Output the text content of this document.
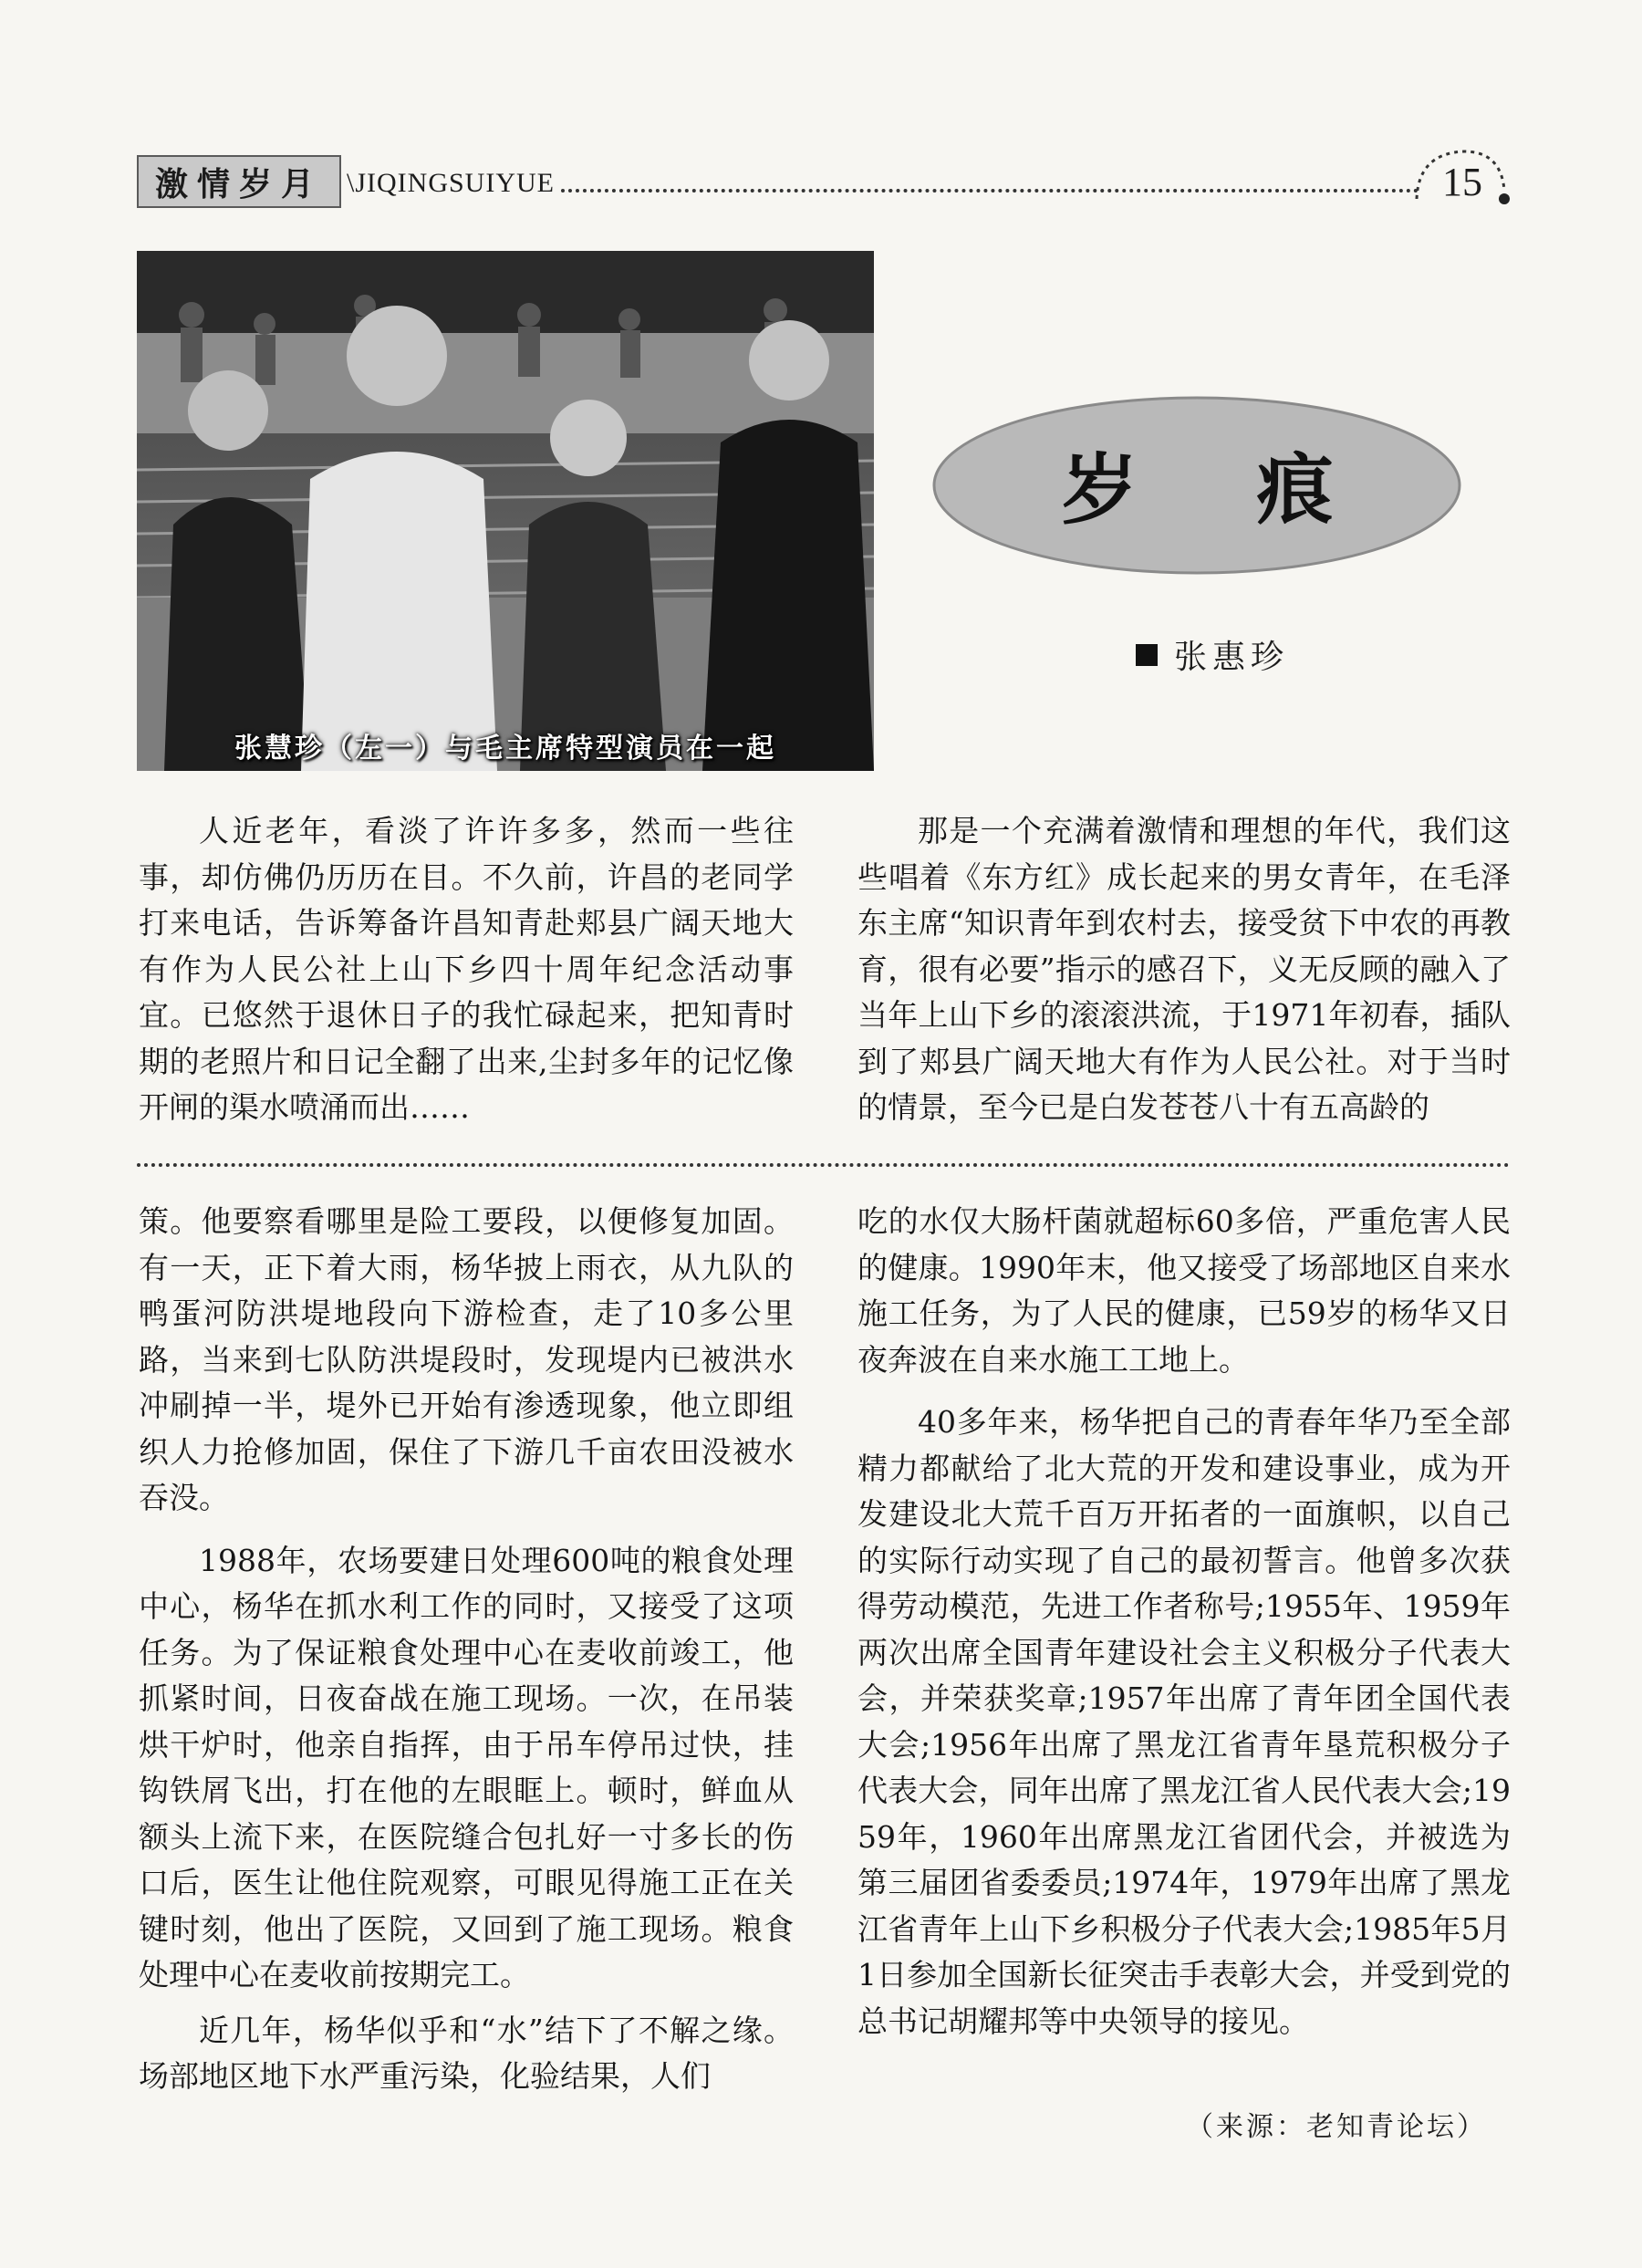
激情岁月 \JIQINGSUIYUE	15
张慧珍（左一）与毛主席特型演员在一起
岁 痕
张惠珍

人近老年，看淡了许许多多，然而一些往事，却仿佛仍历历在目。不久前，许昌的老同学打来电话，告诉筹备许昌知青赴郏县广阔天地大有作为人民公社上山下乡四十周年纪念活动事宜。已悠然于退休日子的我忙碌起来，把知青时期的老照片和日记全翻了出来,尘封多年的记忆像开闸的渠水喷涌而出……

那是一个充满着激情和理想的年代，我们这些唱着《东方红》成长起来的男女青年，在毛泽东主席“知识青年到农村去，接受贫下中农的再教育，很有必要”指示的感召下，义无反顾的融入了当年上山下乡的滚滚洪流，于1971年初春，插队到了郏县广阔天地大有作为人民公社。对于当时的情景，至今已是白发苍苍八十有五高龄的

策。他要察看哪里是险工要段，以便修复加固。有一天，正下着大雨，杨华披上雨衣，从九队的鸭蛋河防洪堤地段向下游检查，走了10多公里路，当来到七队防洪堤段时，发现堤内已被洪水冲刷掉一半，堤外已开始有渗透现象，他立即组织人力抢修加固，保住了下游几千亩农田没被水吞没。

1988年，农场要建日处理600吨的粮食处理中心，杨华在抓水利工作的同时，又接受了这项任务。为了保证粮食处理中心在麦收前竣工，他抓紧时间，日夜奋战在施工现场。一次，在吊装烘干炉时，他亲自指挥，由于吊车停吊过快，挂钩铁屑飞出，打在他的左眼眶上。顿时，鲜血从额头上流下来，在医院缝合包扎好一寸多长的伤口后，医生让他住院观察，可眼见得施工正在关键时刻，他出了医院，又回到了施工现场。粮食处理中心在麦收前按期完工。

近几年，杨华似乎和“水”结下了不解之缘。场部地区地下水严重污染，化验结果，人们

吃的水仅大肠杆菌就超标60多倍，严重危害人民的健康。1990年末，他又接受了场部地区自来水施工任务，为了人民的健康，已59岁的杨华又日夜奔波在自来水施工工地上。

40多年来，杨华把自己的青春年华乃至全部精力都献给了北大荒的开发和建设事业，成为开发建设北大荒千百万开拓者的一面旗帜，以自己的实际行动实现了自己的最初誓言。他曾多次获得劳动模范，先进工作者称号;1955年、1959年两次出席全国青年建设社会主义积极分子代表大会，并荣获奖章;1957年出席了青年团全国代表大会;1956年出席了黑龙江省青年垦荒积极分子代表大会，同年出席了黑龙江省人民代表大会;1959年，1960年出席黑龙江省团代会，并被选为第三届团省委委员;1974年，1979年出席了黑龙江省青年上山下乡积极分子代表大会;1985年5月1日参加全国新长征突击手表彰大会，并受到党的总书记胡耀邦等中央领导的接见。

（来源：老知青论坛）
